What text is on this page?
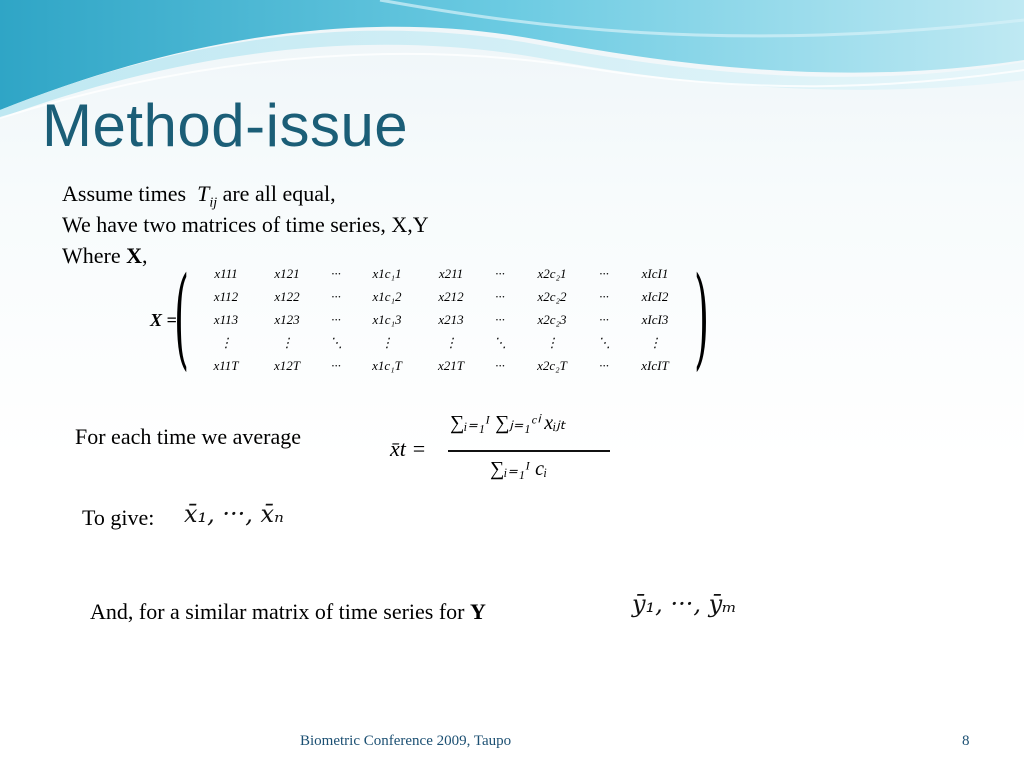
Method-issue
Assume times $T_{ij}$ are all equal,
We have two matrices of time series, X,Y
Where X,
X =
(	x111	x121	···	x1c₁1	x211	···	x2c₂1	···	xIcI1
x112	x122	···	x1c₁2	x212	···	x2c₂2	···	xIcI2
x113	x123	···	x1c₁3	x213	···	x2c₂3	···	xIcI3
⋮	⋮	⋱	⋮	⋮	⋱	⋮	⋱	⋮
x11T	x12T	···	x1c₁T	x21T	···	x2c₂T	···	xIcIT )
For each time we average	x̄t =
∑ᵢ₌₁ᴵ ∑ⱼ₌₁ᶜⁱ xᵢⱼₜ
∑ᵢ₌₁ᴵ cᵢ
To give: x̄₁, ···, x̄ₙ
And, for a similar matrix of time series for Y	ȳ₁, ···, ȳₘ
Biometric Conference 2009, Taupo	8
